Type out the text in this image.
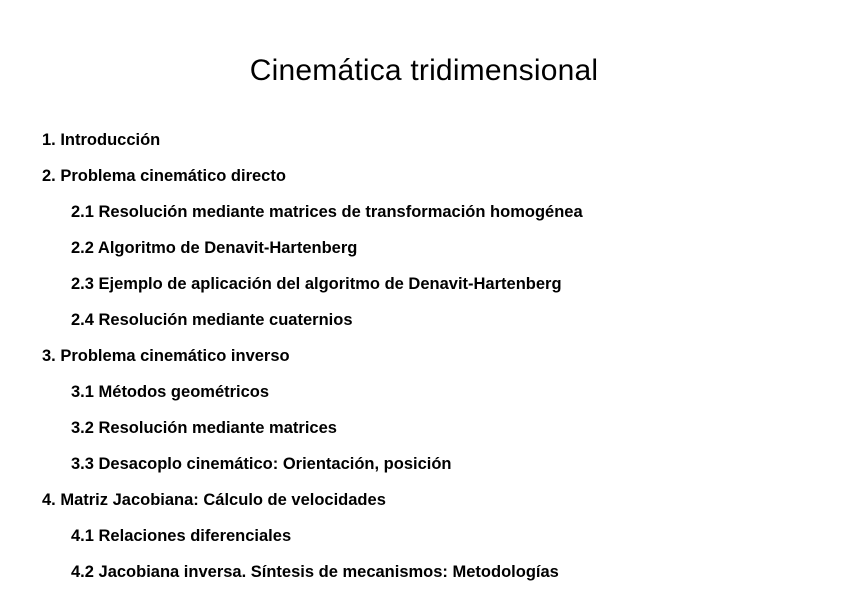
Cinemática tridimensional
1. Introducción
2. Problema cinemático directo
2.1 Resolución mediante matrices de transformación homogénea
2.2 Algoritmo de Denavit-Hartenberg
2.3 Ejemplo de aplicación del algoritmo de Denavit-Hartenberg
2.4 Resolución mediante cuaternios
3. Problema cinemático inverso
3.1 Métodos geométricos
3.2 Resolución mediante matrices
3.3 Desacoplo cinemático: Orientación, posición
4. Matriz Jacobiana: Cálculo de velocidades
4.1 Relaciones diferenciales
4.2 Jacobiana inversa. Síntesis de mecanismos: Metodologías
